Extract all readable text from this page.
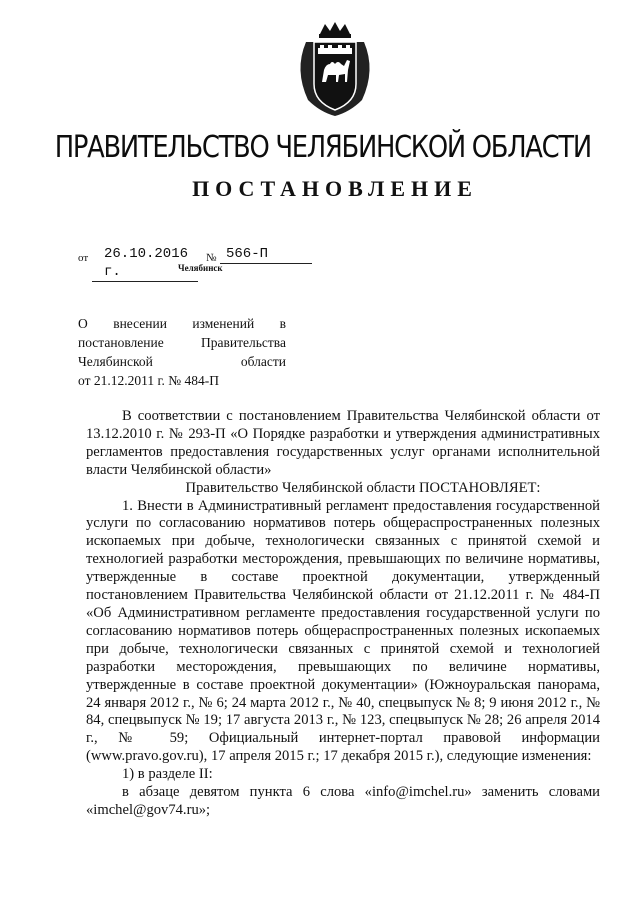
ПРАВИТЕЛЬСТВО ЧЕЛЯБИНСКОЙ ОБЛАСТИ
ПОСТАНОВЛЕНИЕ
от	26.10.2016 г.
№ 566-П
Челябинск
О внесении изменений в
постановление Правительства
Челябинской области
от 21.12.2011 г. № 484-П

В соответствии с постановлением Правительства Челябинской области от 13.12.2010 г. № 293-П «О Порядке разработки и утверждения административных регламентов предоставления государственных услуг органами исполнительной власти Челябинской области»

Правительство Челябинской области ПОСТАНОВЛЯЕТ:

1. Внести в Административный регламент предоставления государственной услуги по согласованию нормативов потерь общераспространенных полезных ископаемых при добыче, технологически связанных с принятой схемой и технологией разработки месторождения, превышающих по величине нормативы, утвержденные в составе проектной документации, утвержденный постановлением Правительства Челябинской области от 21.12.2011 г. № 484-П «Об Административном регламенте предоставления государственной услуги по согласованию нормативов потерь общераспространенных полезных ископаемых при добыче, технологически связанных с принятой схемой и технологией разработки месторождения, превышающих по величине нормативы, утвержденные в составе проектной документации» (Южноуральская панорама, 24 января 2012 г., № 6; 24 марта 2012 г., № 40, спецвыпуск № 8; 9 июня 2012 г., № 84, спецвыпуск № 19; 17 августа 2013 г., № 123, спецвыпуск № 28; 26 апреля 2014 г., № 59; Официальный интернет-портал правовой информации (www.pravo.gov.ru), 17 апреля 2015 г.; 17 декабря 2015 г.), следующие изменения:

1) в разделе II:

в абзаце девятом пункта 6 слова «info@imchel.ru» заменить словами «imchel@gov74.ru»;
